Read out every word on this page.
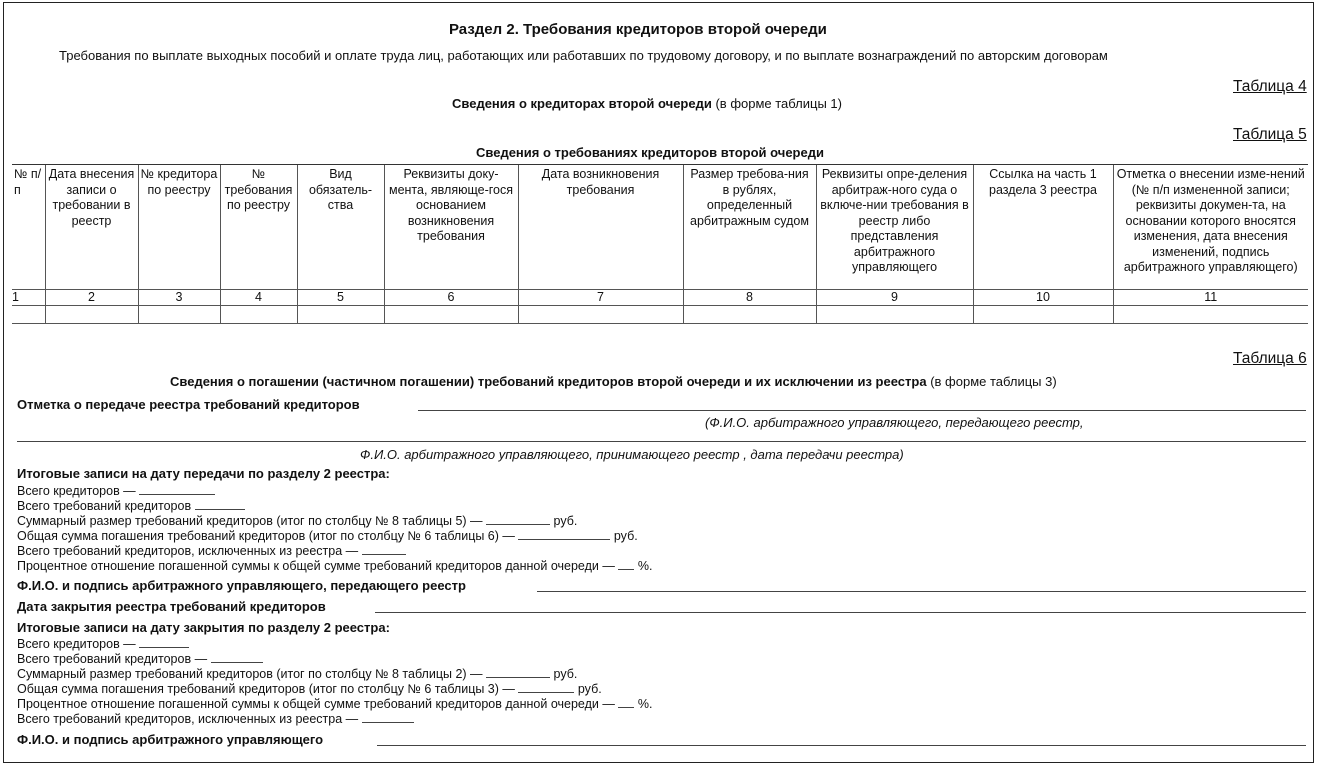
Раздел 2. Требования кредиторов второй очереди
Требования по выплате выходных пособий и оплате труда лиц, работающих или работавших по трудовому договору, и по выплате вознаграждений по авторским договорам
Таблица 4
Сведения о кредиторах второй очереди (в форме таблицы 1)
Таблица 5
Сведения о требованиях кредиторов второй очереди
№ п/п	Дата внесения записи о требовании в реестр	№ кредитора по реестру	№ требования по реестру	Вид обязатель-ства	Реквизиты доку-мента, являюще-гося основанием возникновения требования	Дата возникновения требования	Размер требова-ния в рублях, определенный арбитражным судом	Реквизиты опре-деления арбитраж-ного суда о включе-нии требования в реестр либо представления арбитражного управляющего	Ссылка на часть 1 раздела 3 реестра	Отметка о внесении изме-нений (№ п/п измененной записи; реквизиты докумен-та, на основании которого вносятся изменения, дата внесения изменений, подпись арбитражного управляющего)
1	2	3	4	5	6	7	8	9	10	11

Таблица 6
Сведения о погашении (частичном погашении) требований кредиторов второй очереди и их исключении из реестра (в форме таблицы 3)
Отметка о передаче реестра требований кредиторов
(Ф.И.О. арбитражного управляющего, передающего реестр,
Ф.И.О. арбитражного управляющего, принимающего реестр , дата передачи реестра)
Итоговые записи на дату передачи по разделу 2 реестра:
Всего кредиторов —
Всего требований кредиторов
Суммарный размер требований кредиторов (итог по столбцу № 8 таблицы 5) —	руб.
Общая сумма погашения требований кредиторов (итог по столбцу № 6 таблицы 6) —	руб.
Всего требований кредиторов, исключенных из реестра —
Процентное отношение погашенной суммы к общей сумме требований кредиторов данной очереди — %.
Ф.И.О. и подпись арбитражного управляющего, передающего реестр
Дата закрытия реестра требований кредиторов
Итоговые записи на дату закрытия по разделу 2 реестра:
Всего кредиторов —
Всего требований кредиторов —
Суммарный размер требований кредиторов (итог по столбцу № 8 таблицы 2) —	руб.
Общая сумма погашения требований кредиторов (итог по столбцу № 6 таблицы 3) —	руб.
Процентное отношение погашенной суммы к общей сумме требований кредиторов данной очереди — %.
Всего требований кредиторов, исключенных из реестра —
Ф.И.О. и подпись арбитражного управляющего
